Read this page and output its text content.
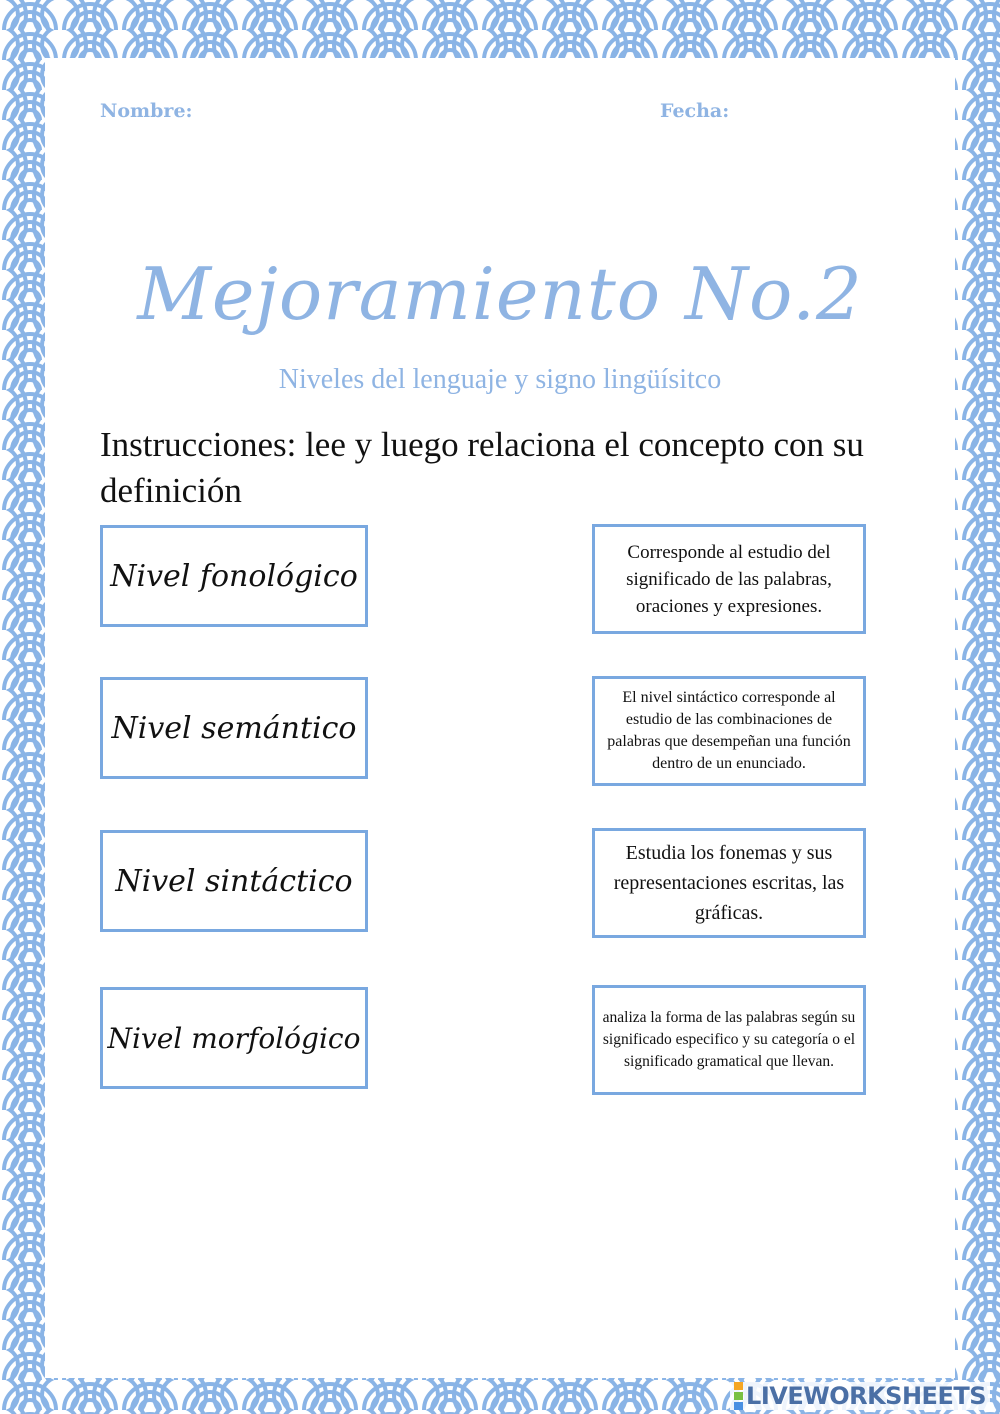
Nombre:	Fecha:
Mejoramiento No.2
Niveles del lenguaje y signo lingüísitco
Instrucciones: lee y luego relaciona el concepto con su definición
Nivel fonológico
Nivel semántico
Nivel sintáctico
Nivel morfológico
Corresponde al estudio del significado de las palabras, oraciones y expresiones.
El nivel sintáctico corresponde al estudio de las combinaciones de palabras que desempeñan una función dentro de un enunciado.
Estudia los fonemas y sus representaciones escritas, las gráficas.
analiza la forma de las palabras según su significado especifico y su categoría o el significado gramatical que llevan.
LIVEWORKSHEETS
